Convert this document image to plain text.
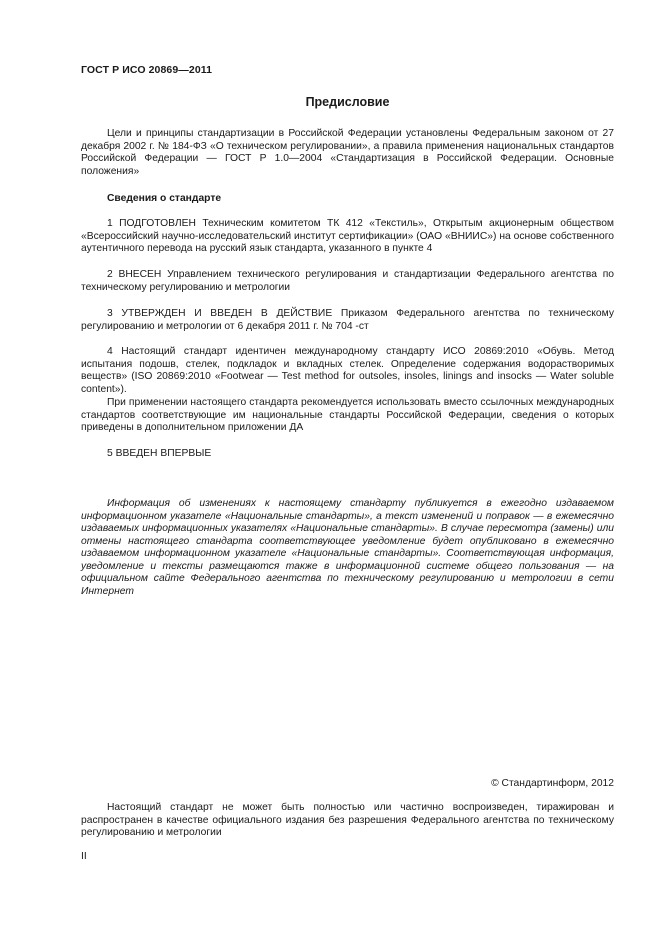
ГОСТ Р ИСО 20869—2011
Предисловие

Цели и принципы стандартизации в Российской Федерации установлены Федеральным законом от 27 декабря 2002 г. № 184-ФЗ «О техническом регулировании», а правила применения национальных стандартов Российской Федерации — ГОСТ Р 1.0—2004 «Стандартизация в Российской Федерации. Основные положения»

Сведения о стандарте

1 ПОДГОТОВЛЕН Техническим комитетом ТК 412 «Текстиль», Открытым акционерным обществом «Всероссийский научно-исследовательский институт сертификации» (ОАО «ВНИИС») на основе собственного аутентичного перевода на русский язык стандарта, указанного в пункте 4

2 ВНЕСЕН Управлением технического регулирования и стандартизации Федерального агентства по техническому регулированию и метрологии

3 УТВЕРЖДЕН И ВВЕДЕН В ДЕЙСТВИЕ Приказом Федерального агентства по техническому регулированию и метрологии от 6 декабря 2011 г. № 704 -ст

4 Настоящий стандарт идентичен международному стандарту ИСО 20869:2010 «Обувь. Метод испытания подошв, стелек, подкладок и вкладных стелек. Определение содержания водорастворимых веществ» (ISO 20869:2010 «Footwear — Test method for outsoles, insoles, linings and insocks — Water soluble content»).

При применении настоящего стандарта рекомендуется использовать вместо ссылочных международных стандартов соответствующие им национальные стандарты Российской Федерации, сведения о которых приведены в дополнительном приложении ДА

5 ВВЕДЕН ВПЕРВЫЕ

Информация об изменениях к настоящему стандарту публикуется в ежегодно издаваемом информационном указателе «Национальные стандарты», а текст изменений и поправок — в ежемесячно издаваемых информационных указателях «Национальные стандарты». В случае пересмотра (замены) или отмены настоящего стандарта соответствующее уведомление будет опубликовано в ежемесячно издаваемом информационном указателе «Национальные стандарты». Соответствующая информация, уведомление и тексты размещаются также в информационной системе общего пользования — на официальном сайте Федерального агентства по техническому регулированию и метрологии в сети Интернет

© Стандартинформ, 2012

Настоящий стандарт не может быть полностью или частично воспроизведен, тиражирован и распространен в качестве официального издания без разрешения Федерального агентства по техническому регулированию и метрологии

II
